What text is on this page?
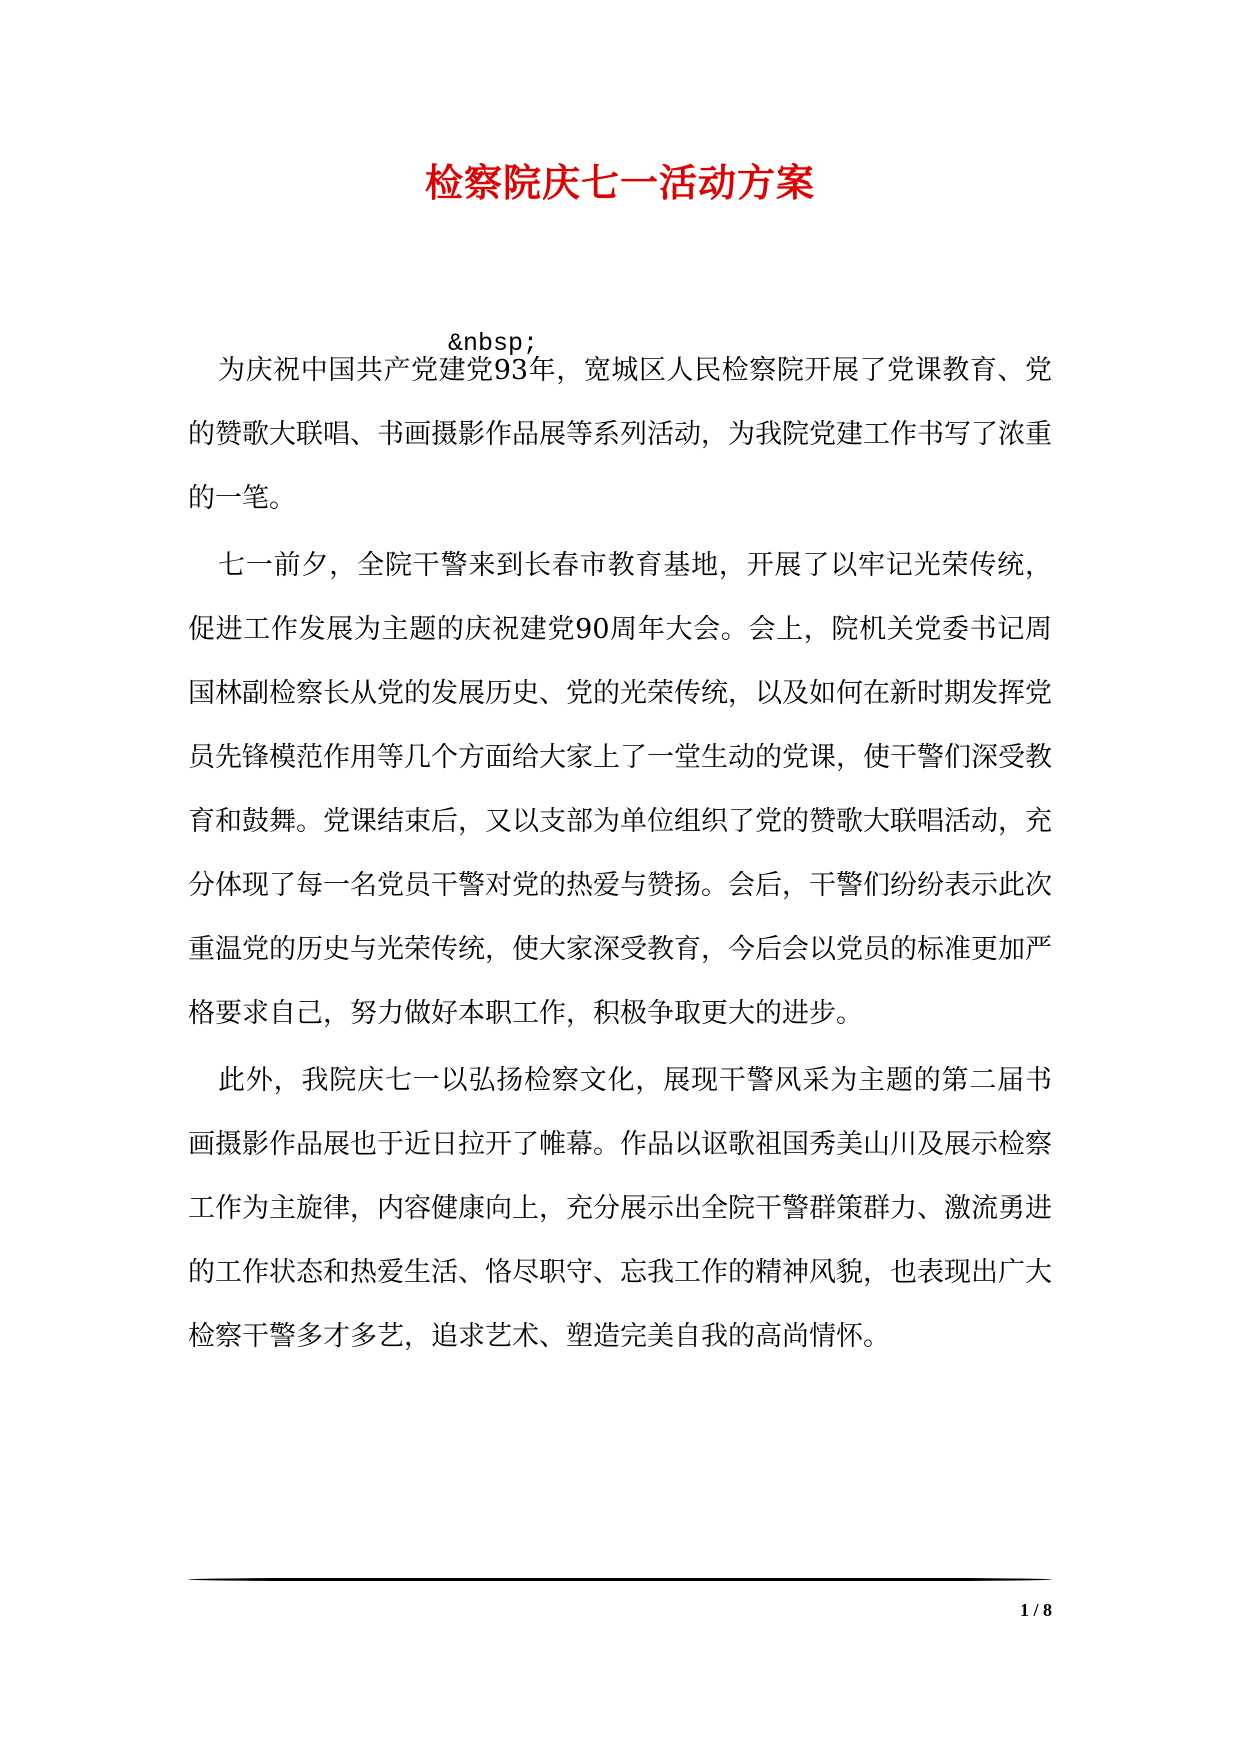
检察院庆七一活动方案
&nbsp;

为庆祝中国共产党建党93年，宽城区人民检察院开展了党课教育、党的赞歌大联唱、书画摄影作品展等系列活动，为我院党建工作书写了浓重的一笔。

七一前夕，全院干警来到长春市教育基地，开展了以牢记光荣传统，促进工作发展为主题的庆祝建党90周年大会。会上，院机关党委书记周国林副检察长从党的发展历史、党的光荣传统，以及如何在新时期发挥党员先锋模范作用等几个方面给大家上了一堂生动的党课，使干警们深受教育和鼓舞。党课结束后，又以支部为单位组织了党的赞歌大联唱活动，充分体现了每一名党员干警对党的热爱与赞扬。会后，干警们纷纷表示此次重温党的历史与光荣传统，使大家深受教育，今后会以党员的标准更加严格要求自己，努力做好本职工作，积极争取更大的进步。

此外，我院庆七一以弘扬检察文化，展现干警风采为主题的第二届书画摄影作品展也于近日拉开了帷幕。作品以讴歌祖国秀美山川及展示检察工作为主旋律，内容健康向上，充分展示出全院干警群策群力、激流勇进的工作状态和热爱生活、恪尽职守、忘我工作的精神风貌，也表现出广大检察干警多才多艺，追求艺术、塑造完美自我的高尚情怀。

1 / 8
